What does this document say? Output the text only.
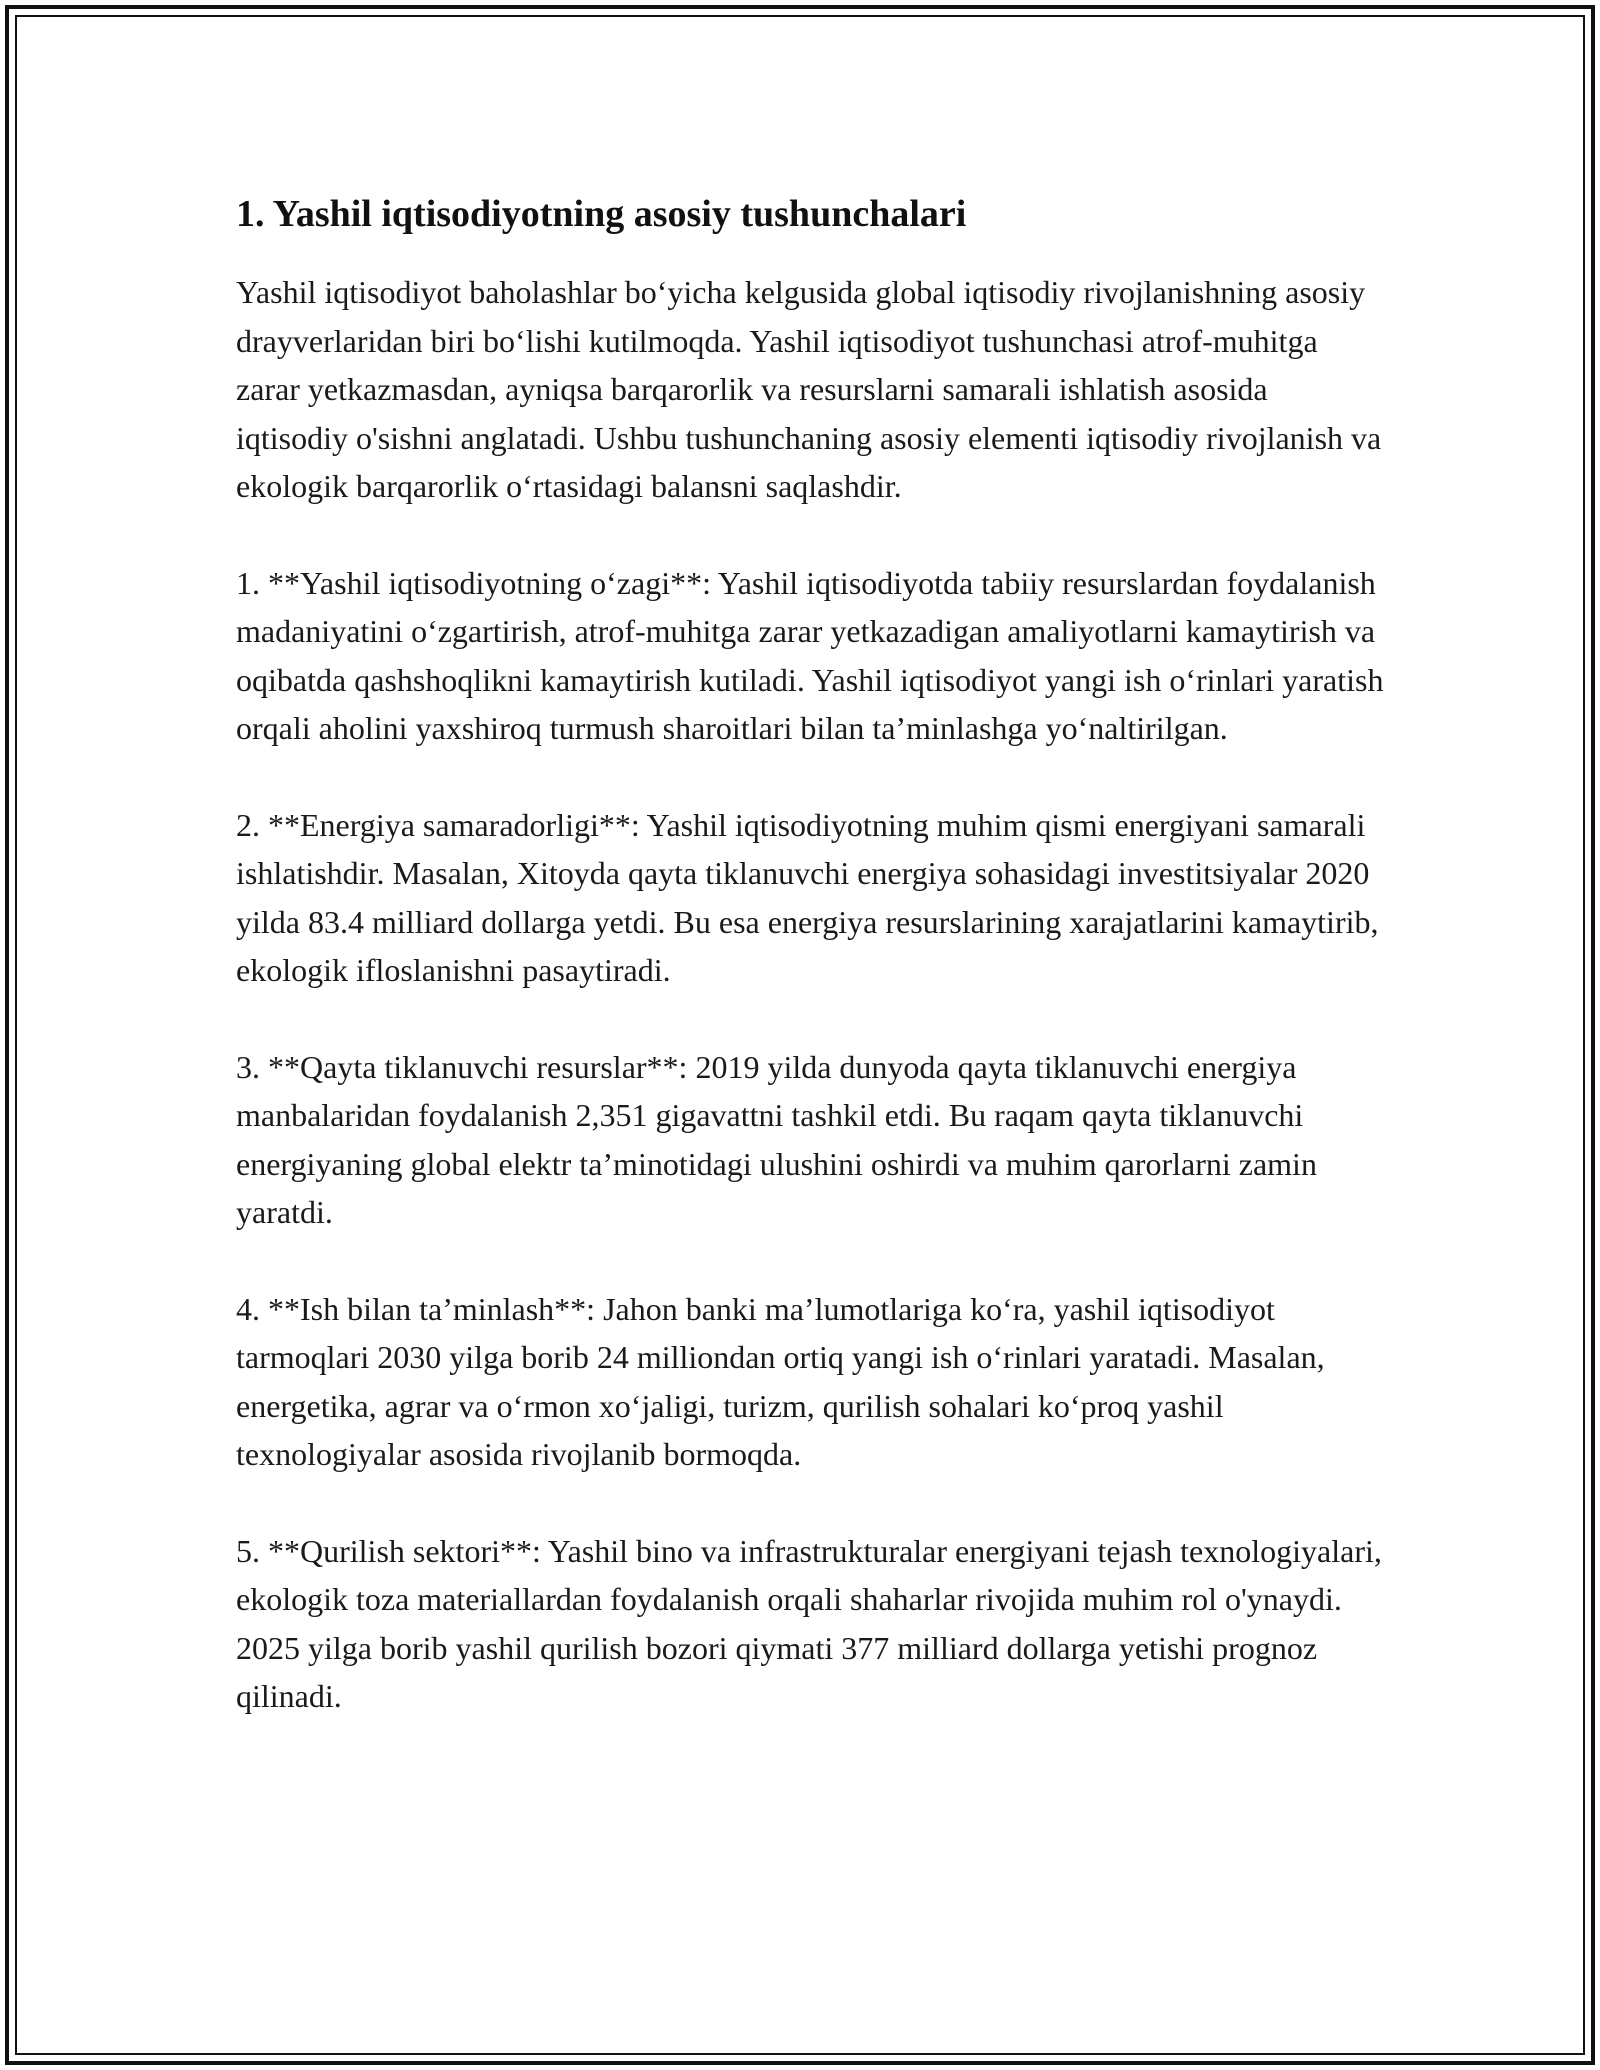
1. Yashil iqtisodiyotning asosiy tushunchalari

Yashil iqtisodiyot baholashlar bo‘yicha kelgusida global iqtisodiy rivojlanishning asosiy drayverlaridan biri bo‘lishi kutilmoqda. Yashil iqtisodiyot tushunchasi atrof-muhitga zarar yetkazmasdan, ayniqsa barqarorlik va resurslarni samarali ishlatish asosida iqtisodiy o'sishni anglatadi. Ushbu tushunchaning asosiy elementi iqtisodiy rivojlanish va ekologik barqarorlik o‘rtasidagi balansni saqlashdir.

1. **Yashil iqtisodiyotning o‘zagi**: Yashil iqtisodiyotda tabiiy resurslardan foydalanish madaniyatini o‘zgartirish, atrof-muhitga zarar yetkazadigan amaliyotlarni kamaytirish va oqibatda qashshoqlikni kamaytirish kutiladi. Yashil iqtisodiyot yangi ish o‘rinlari yaratish orqali aholini yaxshiroq turmush sharoitlari bilan ta’minlashga yo‘naltirilgan.

2. **Energiya samaradorligi**: Yashil iqtisodiyotning muhim qismi energiyani samarali ishlatishdir. Masalan, Xitoyda qayta tiklanuvchi energiya sohasidagi investitsiyalar 2020 yilda 83.4 milliard dollarga yetdi. Bu esa energiya resurslarining xarajatlarini kamaytirib, ekologik ifloslanishni pasaytiradi.

3. **Qayta tiklanuvchi resurslar**: 2019 yilda dunyoda qayta tiklanuvchi energiya manbalaridan foydalanish 2,351 gigavattni tashkil etdi. Bu raqam qayta tiklanuvchi energiyaning global elektr ta’minotidagi ulushini oshirdi va muhim qarorlarni zamin yaratdi.

4. **Ish bilan ta’minlash**: Jahon banki ma’lumotlariga ko‘ra, yashil iqtisodiyot tarmoqlari 2030 yilga borib 24 milliondan ortiq yangi ish o‘rinlari yaratadi. Masalan, energetika, agrar va o‘rmon xo‘jaligi, turizm, qurilish sohalari ko‘proq yashil texnologiyalar asosida rivojlanib bormoqda.

5. **Qurilish sektori**: Yashil bino va infrastrukturalar energiyani tejash texnologiyalari, ekologik toza materiallardan foydalanish orqali shaharlar rivojida muhim rol o'ynaydi. 2025 yilga borib yashil qurilish bozori qiymati 377 milliard dollarga yetishi prognoz qilinadi.
